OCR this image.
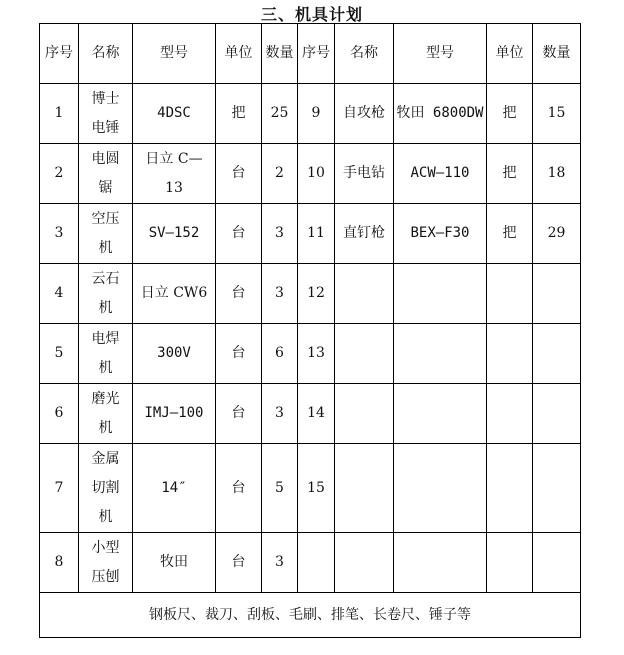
三、机具计划
序号	名称	型号	单位	数量	序号	名称	型号	单位	数量
1	博士电锤	4DSC	把	25	9	自攻枪	牧田 6800DW	把	15
2	电圆锯	日立 C—13	台	2	10	手电钻	ACW—110	把	18
3	空压机	SV—152	台	3	11	直钉枪	BEX—F30	把	29
4	云石机	日立 CW6	台	3	12				
5	电焊机	300V	台	6	13				
6	磨光机	IMJ—100	台	3	14				
7	金属切割机	14″	台	5	15				
8	小型压刨	牧田	台	3					
钢板尺、裁刀、刮板、毛刷、排笔、长卷尺、锤子等									
